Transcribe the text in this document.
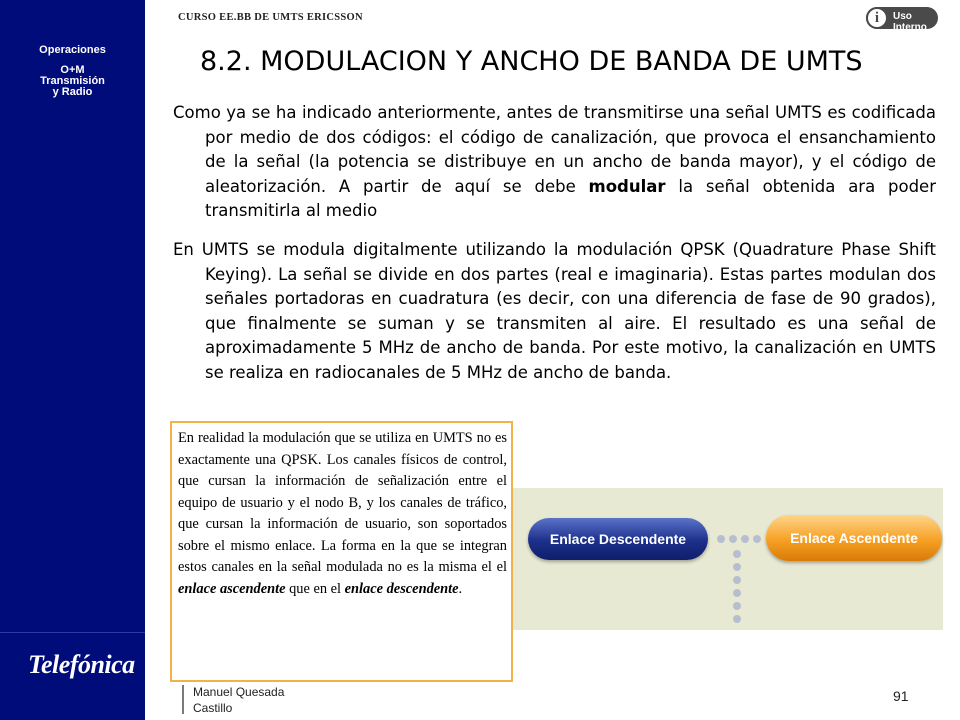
Operaciones
O+M
Transmisión
y Radio
Telefónica
CURSO EE.BB DE UMTS ERICSSON	i	Uso Interno
8.2. MODULACION Y ANCHO DE BANDA DE UMTS
Como ya se ha indicado anteriormente, antes de transmitirse una señal UMTS es codificada por medio de dos códigos: el código de canalización, que provoca el ensanchamiento de la señal (la potencia se distribuye en un ancho de banda mayor), y el código de aleatorización. A partir de aquí se debe modular la señal obtenida ara poder transmitirla al medio
En UMTS se modula digitalmente utilizando la modulación QPSK (Quadrature Phase Shift Keying). La señal se divide en dos partes (real e imaginaria). Estas partes modulan dos señales portadoras en cuadratura (es decir, con una diferencia de fase de 90 grados), que finalmente se suman y se transmiten al aire. El resultado es una señal de aproximadamente 5 MHz de ancho de banda. Por este motivo, la canalización en UMTS se realiza en radiocanales de 5 MHz de ancho de banda.
Enlace Descendente	Enlace Ascendente
En realidad la modulación que se utiliza en UMTS no es exactamente una QPSK. Los canales físicos de control, que cursan la información de señalización entre el equipo de usuario y el nodo B, y los canales de tráfico, que cursan la información de usuario, son soportados sobre el mismo enlace. La forma en la que se integran estos canales en la señal modulada no es la misma el el enlace ascendente que en el enlace descendente.
Manuel Quesada
Castillo
91
